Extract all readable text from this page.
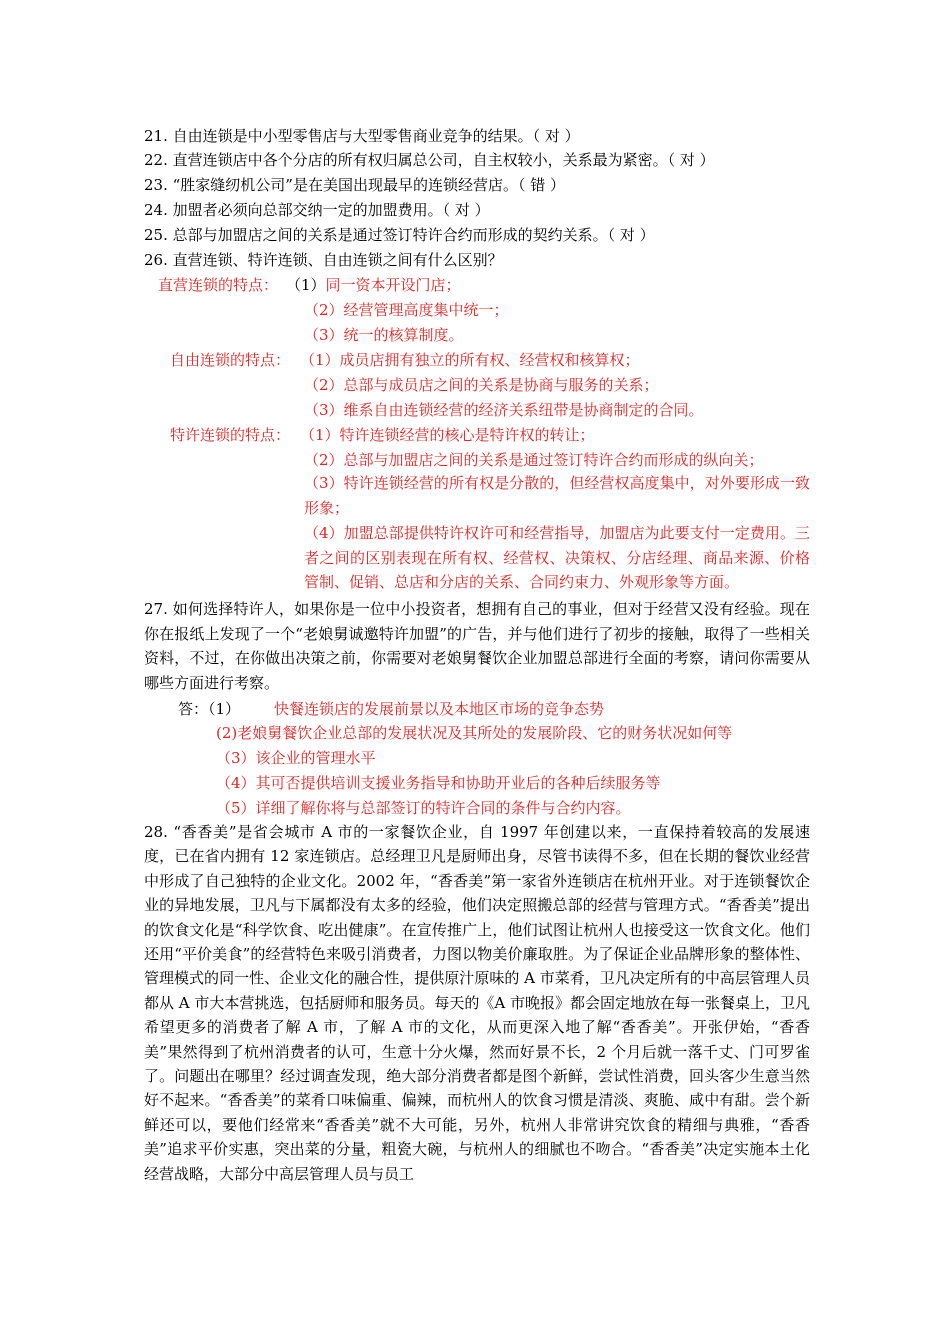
21. 自由连锁是中小型零售店与大型零售商业竞争的结果。（ 对 ）
22. 直营连锁店中各个分店的所有权归属总公司，自主权较小，关系最为紧密。（ 对 ）
23. “胜家缝纫机公司”是在美国出现最早的连锁经营店。（ 错 ）
24. 加盟者必须向总部交纳一定的加盟费用。（ 对 ）
25. 总部与加盟店之间的关系是通过签订特许合约而形成的契约关系。（ 对 ）
26. 直营连锁、特许连锁、自由连锁之间有什么区别？
直营连锁的特点： （1）同一资本开设门店；
（2）经营管理高度集中统一；
（3）统一的核算制度。
自由连锁的特点： （1）成员店拥有独立的所有权、经营权和核算权；
（2）总部与成员店之间的关系是协商与服务的关系；
（3）维系自由连锁经营的经济关系纽带是协商制定的合同。
特许连锁的特点： （1）特许连锁经营的核心是特许权的转让；
（2）总部与加盟店之间的关系是通过签订特许合约而形成的纵向关；
（3）特许连锁经营的所有权是分散的，但经营权高度集中，对外要形成一致形象；
（4）加盟总部提供特许权许可和经营指导，加盟店为此要支付一定费用。三者之间的区别表现在所有权、经营权、决策权、分店经理、商品来源、价格管制、促销、总店和分店的关系、合同约束力、外观形象等方面。
27. 如何选择特许人，如果你是一位中小投资者，想拥有自己的事业，但对于经营又没有经验。现在你在报纸上发现了一个“老娘舅诚邀特许加盟”的广告，并与他们进行了初步的接触，取得了一些相关资料，不过，在你做出决策之前，你需要对老娘舅餐饮企业加盟总部进行全面的考察，请问你需要从哪些方面进行考察。
答：（1） 快餐连锁店的发展前景以及本地区市场的竞争态势
(2)老娘舅餐饮企业总部的发展状况及其所处的发展阶段、它的财务状况如何等
（3）该企业的管理水平
（4）其可否提供培训支援业务指导和协助开业后的各种后续服务等
（5）详细了解你将与总部签订的特许合同的条件与合约内容。
28. “香香美”是省会城市 A 市的一家餐饮企业，自 1997 年创建以来，一直保持着较高的发展速度，已在省内拥有 12 家连锁店。总经理卫凡是厨师出身，尽管书读得不多，但在长期的餐饮业经营中形成了自己独特的企业文化。2002 年，“香香美”第一家省外连锁店在杭州开业。对于连锁餐饮企业的异地发展，卫凡与下属都没有太多的经验，他们决定照搬总部的经营与管理方式。“香香美”提出的饮食文化是“科学饮食、吃出健康”。在宣传推广上，他们试图让杭州人也接受这一饮食文化。他们还用“平价美食”的经营特色来吸引消费者，力图以物美价廉取胜。为了保证企业品牌形象的整体性、管理模式的同一性、企业文化的融合性，提供原汁原味的 A 市菜肴，卫凡决定所有的中高层管理人员都从 A 市大本营挑选，包括厨师和服务员。每天的《A 市晚报》都会固定地放在每一张餐桌上，卫凡希望更多的消费者了解 A 市，了解 A 市的文化，从而更深入地了解“香香美”。开张伊始，“香香美”果然得到了杭州消费者的认可，生意十分火爆，然而好景不长，2 个月后就一落千丈、门可罗雀了。问题出在哪里？经过调查发现，绝大部分消费者都是图个新鲜，尝试性消费，回头客少生意当然好不起来。“香香美”的菜肴口味偏重、偏辣，而杭州人的饮食习惯是清淡、爽脆、咸中有甜。尝个新鲜还可以，要他们经常来“香香美”就不大可能，另外，杭州人非常讲究饮食的精细与典雅，“香香美”追求平价实惠，突出菜的分量，粗瓷大碗，与杭州人的细腻也不吻合。“香香美”决定实施本土化经营战略，大部分中高层管理人员与员工
